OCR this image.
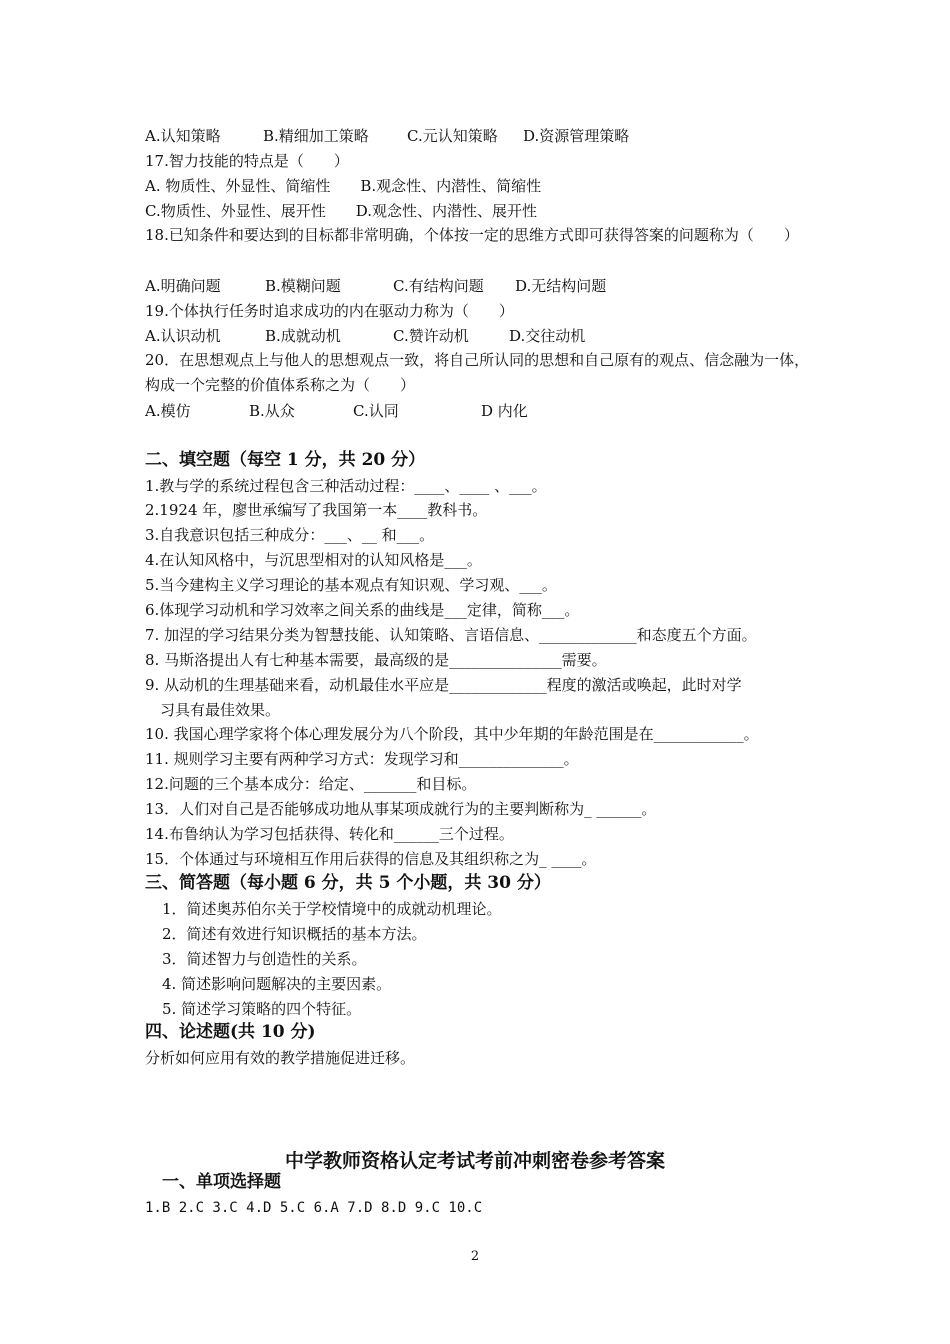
A.认知策略	B.精细加工策略	C.元认知策略 D.资源管理策略
17.智力技能的特点是（　　）
A. 物质性、外显性、简缩性　　B.观念性、内潜性、简缩性
C.物质性、外显性、展开性　　D.观念性、内潜性、展开性
18.已知条件和要达到的目标都非常明确，个体按一定的思维方式即可获得答案的问题称为（　　）
A.明确问题	B.模糊问题	C.有结构问题 D.无结构问题
19.个体执行任务时追求成功的内在驱动力称为（　　）
A.认识动机	B.成就动机	C.赞许动机	D.交往动机
20．在思想观点上与他人的思想观点一致，将自己所认同的思想和自己原有的观点、信念融为一体，构成一个完整的价值体系称之为（　　）
A.模仿	B.从众	C.认同	D 内化
二、填空题（每空 1 分，共 20 分）
1.教与学的系统过程包含三种活动过程：____、____ 、___。
2.1924 年，廖世承编写了我国第一本____教科书。
3.自我意识包括三种成分：___、__ 和___。
4.在认知风格中，与沉思型相对的认知风格是___。
5.当今建构主义学习理论的基本观点有知识观、学习观、___。
6.体现学习动机和学习效率之间关系的曲线是___定律，简称___。
7. 加涅的学习结果分类为智慧技能、认知策略、言语信息、_____________和态度五个方面。
8. 马斯洛提出人有七种基本需要，最高级的是_______________需要。
9. 从动机的生理基础来看，动机最佳水平应是_____________程度的激活或唤起，此时对学
习具有最佳效果。
10. 我国心理学家将个体心理发展分为八个阶段，其中少年期的年龄范围是在____________。
11. 规则学习主要有两种学习方式：发现学习和______________。
12.问题的三个基本成分：给定、_______和目标。
13．人们对自己是否能够成功地从事某项成就行为的主要判断称为_ ______。
14.布鲁纳认为学习包括获得、转化和______三个过程。
15．个体通过与环境相互作用后获得的信息及其组织称之为_ ____。
三、简答题（每小题 6 分，共 5 个小题，共 30 分）
1．简述奥苏伯尔关于学校情境中的成就动机理论。
2．简述有效进行知识概括的基本方法。
3．简述智力与创造性的关系。
4. 简述影响问题解决的主要因素。
5. 简述学习策略的四个特征。
四、论述题(共 10 分)
分析如何应用有效的教学措施促进迁移。
中学教师资格认定考试考前冲刺密卷参考答案
一、单项选择题
1.B 2.C 3.C 4.D 5.C 6.A 7.D 8.D 9.C 10.C
2
